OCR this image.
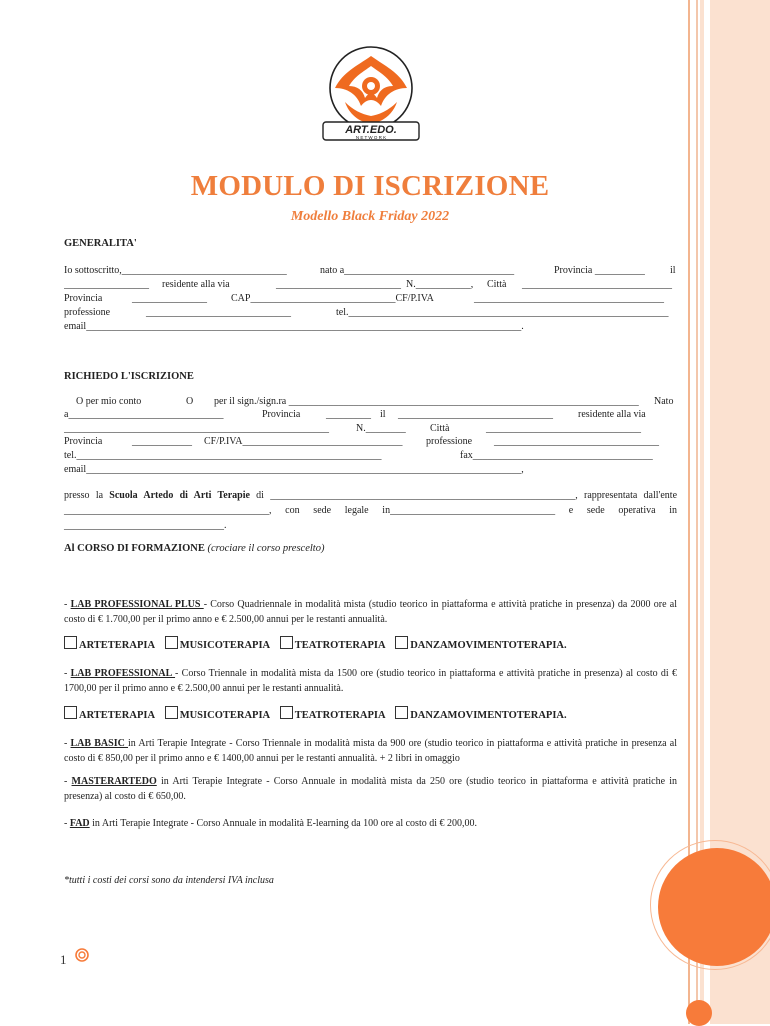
ART.EDO.
N E T W O R K
MODULO DI ISCRIZIONE
Modello Black Friday 2022
GENERALITA'
Io sottoscritto,_________________________________	nato a__________________________________	Provincia __________	il
_________________ residente alla via	_________________________ N.___________, Città ______________________________
Provincia	_______________ CAP_____________________________CF/P.IVA	______________________________________
professione	_____________________________	tel.________________________________________________________________
email_______________________________________________________________________________________.
RICHIEDO L'ISCRIZIONE
O per mio conto	O per il sign./sign.ra ______________________________________________________________________ Nato
a_______________________________	Provincia	_________ il _______________________________	residente alla via
_____________________________________________________	N.________ Città	_______________________________
Provincia	____________ CF/P.IVA________________________________ professione _________________________________
tel._____________________________________________________________	fax____________________________________
email_______________________________________________________________________________________,
presso la Scuola Artedo di Arti Terapie di _____________________________________________________________, rappresentata dall'ente _________________________________________, con sede legale in_________________________________ e sede operativa in ________________________________.
Al CORSO DI FORMAZIONE (crociare il corso prescelto)
- LAB PROFESSIONAL PLUS - Corso Quadriennale in modalità mista (studio teorico in piattaforma e attività pratiche in presenza) da 2000 ore al costo di € 1.700,00 per il primo anno e € 2.500,00 annui per le restanti annualità.
ARTETERAPIA MUSICOTERAPIA TEATROTERAPIA DANZAMOVIMENTOTERAPIA.
- LAB PROFESSIONAL - Corso Triennale in modalità mista da 1500 ore (studio teorico in piattaforma e attività pratiche in presenza) al costo di € 1700,00 per il primo anno e € 2.500,00 annui per le restanti annualità.
ARTETERAPIA MUSICOTERAPIA TEATROTERAPIA DANZAMOVIMENTOTERAPIA.
- LAB BASIC in Arti Terapie Integrate - Corso Triennale in modalità mista da 900 ore (studio teorico in piattaforma e attività pratiche in presenza al costo di € 850,00 per il primo anno e € 1400,00 annui per le restanti annualità. + 2 libri in omaggio
- MASTERARTEDO in Arti Terapie Integrate - Corso Annuale in modalità mista da 250 ore (studio teorico in piattaforma e attività pratiche in presenza) al costo di € 650,00.
- FAD in Arti Terapie Integrate - Corso Annuale in modalità E-learning da 100 ore al costo di € 200,00.
*tutti i costi dei corsi sono da intendersi IVA inclusa
1
